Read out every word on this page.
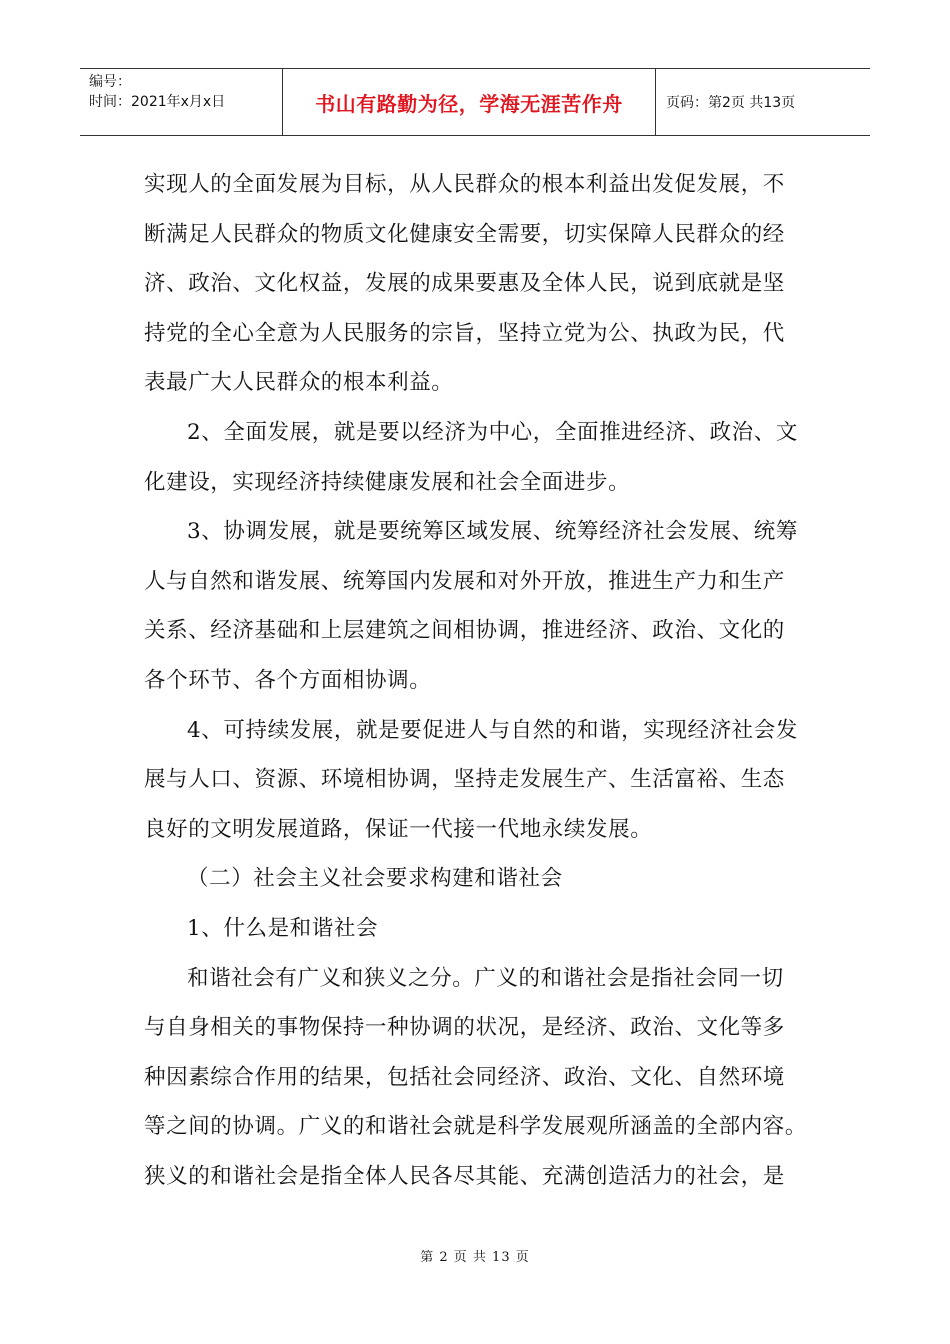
编号：
时间：2021年x月x日	书山有路勤为径，学海无涯苦作舟	页码：第2页 共13页

实现人的全面发展为目标，从人民群众的根本利益出发促发展，不

断满足人民群众的物质文化健康安全需要，切实保障人民群众的经

济、政治、文化权益，发展的成果要惠及全体人民，说到底就是坚

持党的全心全意为人民服务的宗旨，坚持立党为公、执政为民，代

表最广大人民群众的根本利益。

2、全面发展，就是要以经济为中心，全面推进经济、政治、文

化建设，实现经济持续健康发展和社会全面进步。

3、协调发展，就是要统筹区域发展、统筹经济社会发展、统筹

人与自然和谐发展、统筹国内发展和对外开放，推进生产力和生产

关系、经济基础和上层建筑之间相协调，推进经济、政治、文化的

各个环节、各个方面相协调。

4、可持续发展，就是要促进人与自然的和谐，实现经济社会发

展与人口、资源、环境相协调，坚持走发展生产、生活富裕、生态

良好的文明发展道路，保证一代接一代地永续发展。

（二）社会主义社会要求构建和谐社会

1、什么是和谐社会

和谐社会有广义和狭义之分。广义的和谐社会是指社会同一切

与自身相关的事物保持一种协调的状况，是经济、政治、文化等多

种因素综合作用的结果，包括社会同经济、政治、文化、自然环境

等之间的协调。广义的和谐社会就是科学发展观所涵盖的全部内容。

狭义的和谐社会是指全体人民各尽其能、充满创造活力的社会，是

第 2 页 共 13 页
